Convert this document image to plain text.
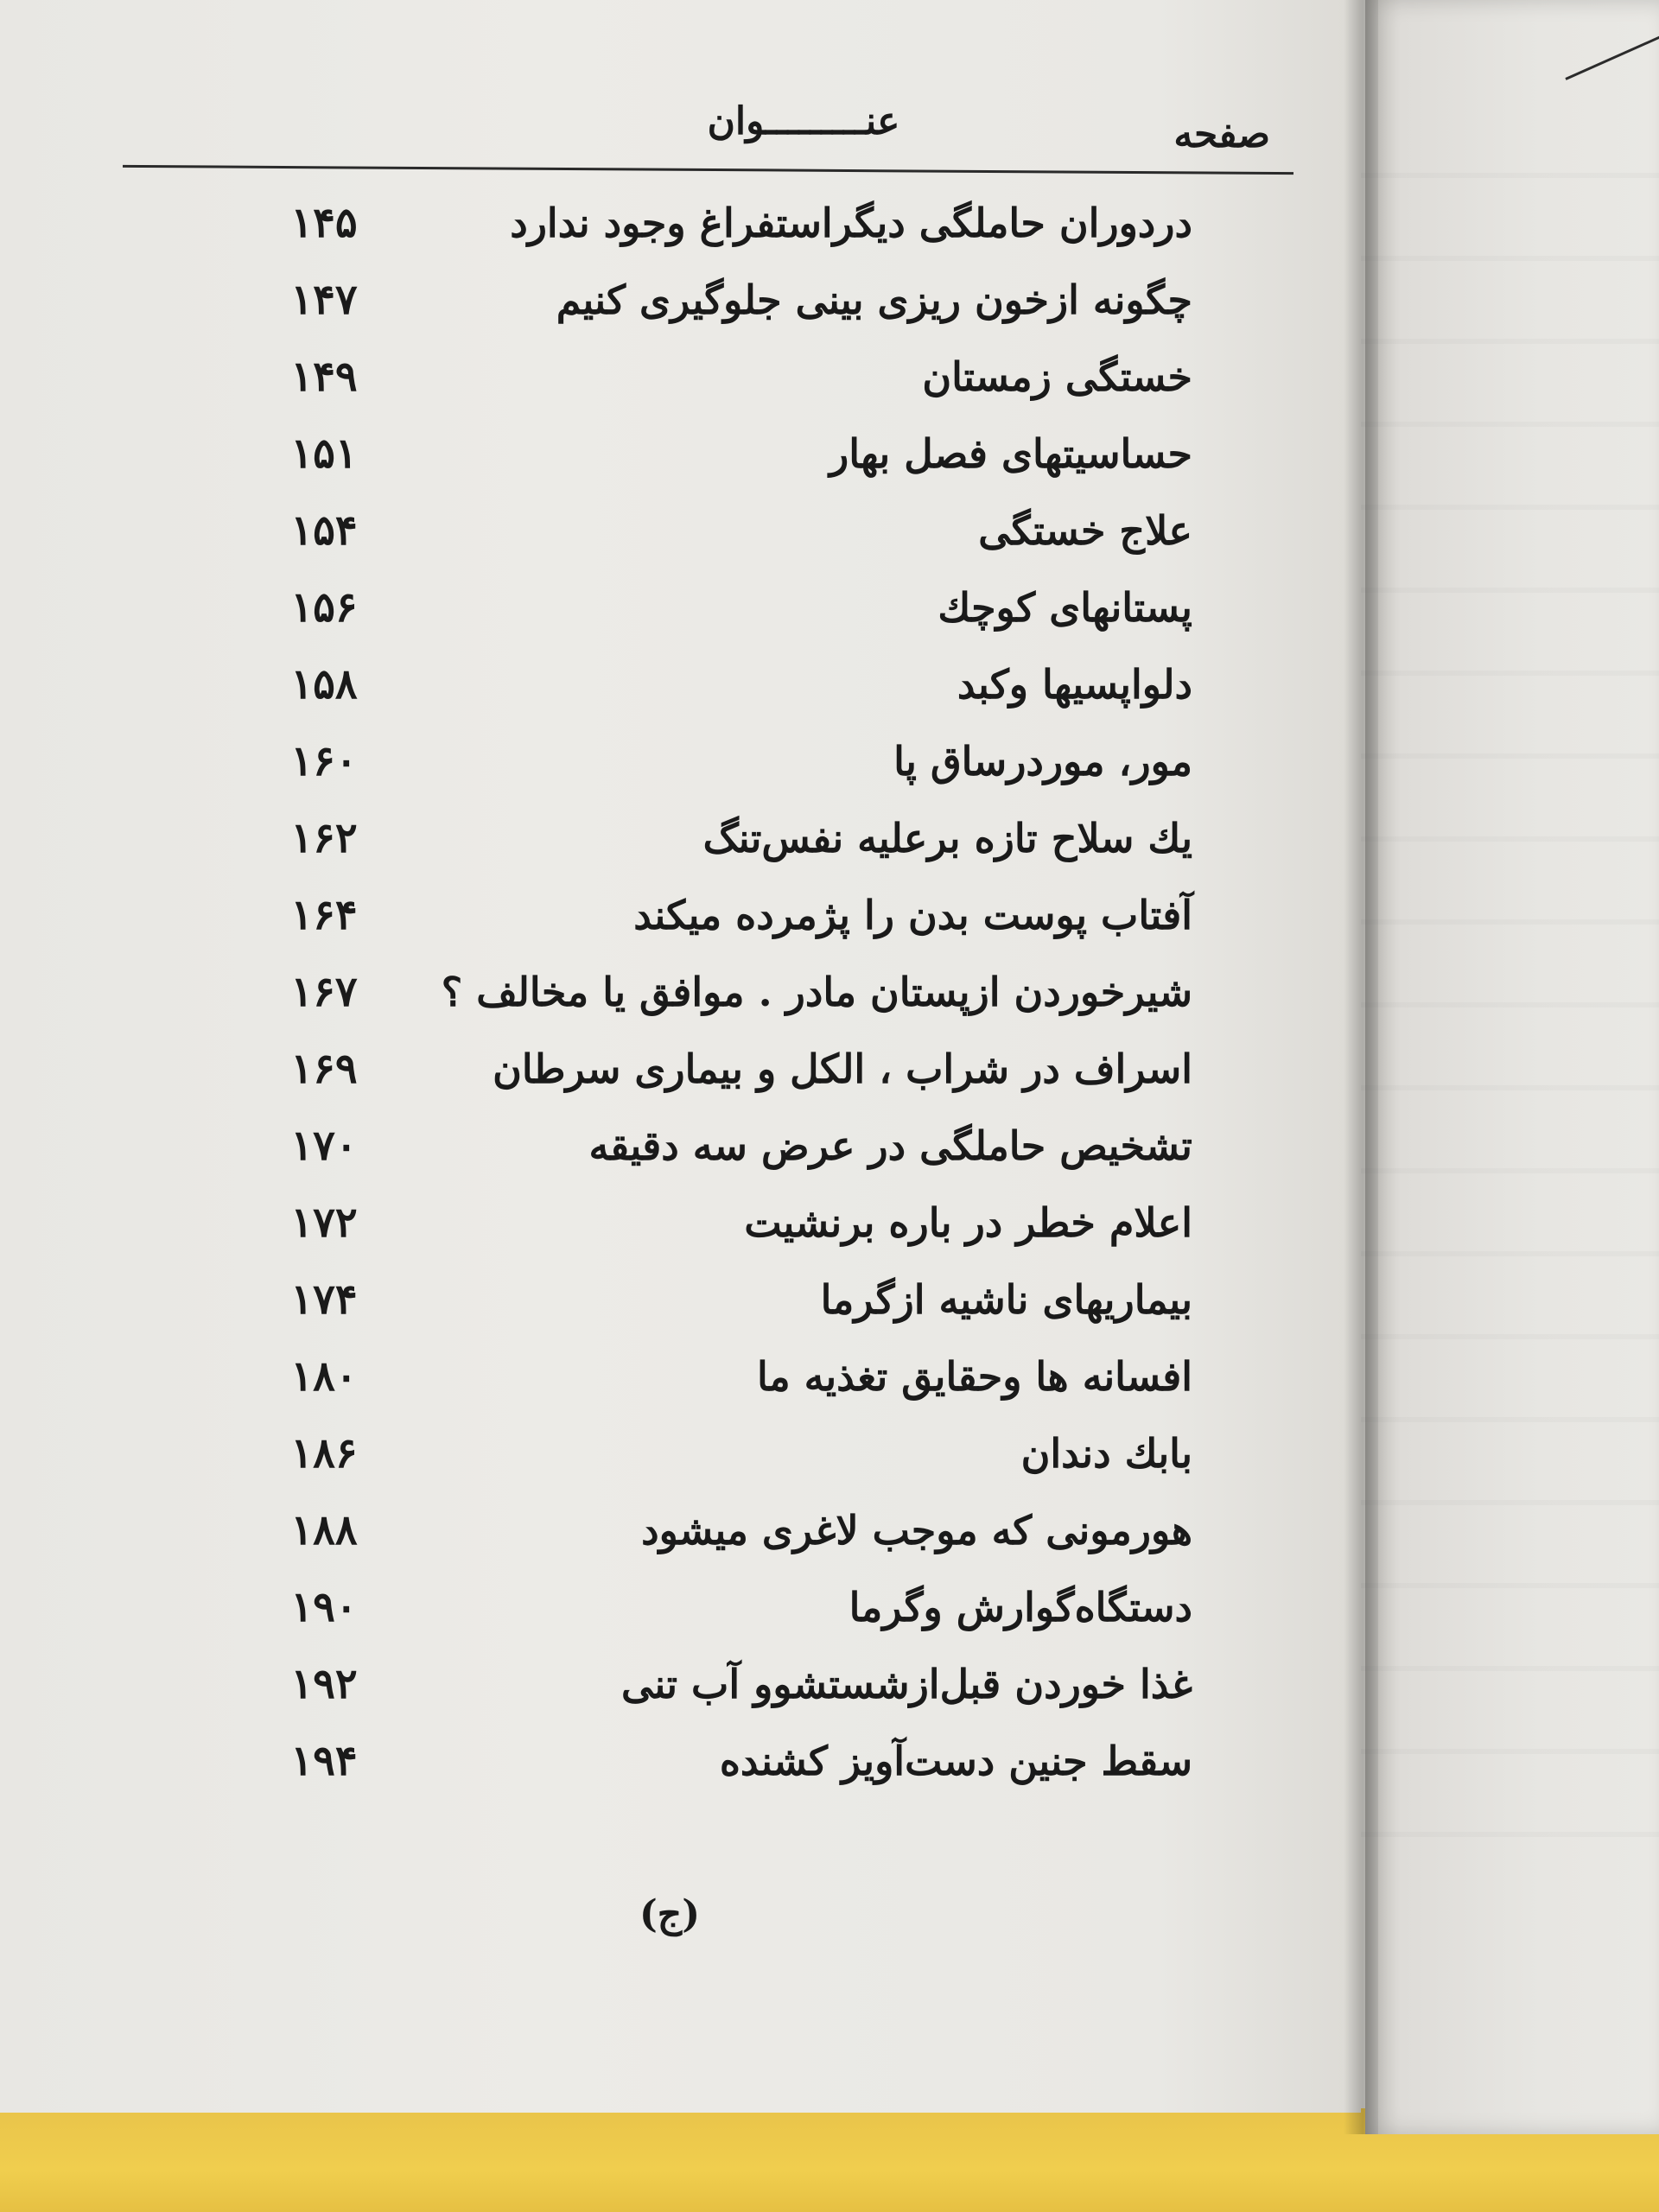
صفحه
عنـــــــــوان
۱۴۵	دردوران حاملگی دیگراستفراغ وجود ندارد
۱۴۷	چگونه ازخون ریزی بینی جلوگیری کنیم
۱۴۹	خستگی زمستان
۱۵۱	حساسیتهای فصل بهار
۱۵۴	علاج خستگی
۱۵۶	پستانهای کوچك
۱۵۸	دلواپسیها وکبد
۱۶۰	مور، موردرساق پا
۱۶۲	یك سلاح تازه برعلیه نفس‌تنگ
۱۶۴	آفتاب پوست بدن را پژمرده میکند
۱۶۷	شیرخوردن ازپستان مادر . موافق یا مخالف ؟
۱۶۹	اسراف در شراب ، الکل و بیماری سرطان
۱۷۰	تشخیص حاملگی در عرض سه دقیقه
۱۷۲	اعلام خطر در باره برنشیت
۱۷۴	بیماریهای ناشیه ازگرما
۱۸۰	افسانه ها وحقایق تغذیه ما
۱۸۶	بابك دندان
۱۸۸	هورمونی که موجب لاغری میشود
۱۹۰	دستگاه‌گوارش وگرما
۱۹۲	غذا خوردن قبل‌ازشستشوو آب تنی
۱۹۴	سقط جنین دست‌آویز کشنده
(ج)
